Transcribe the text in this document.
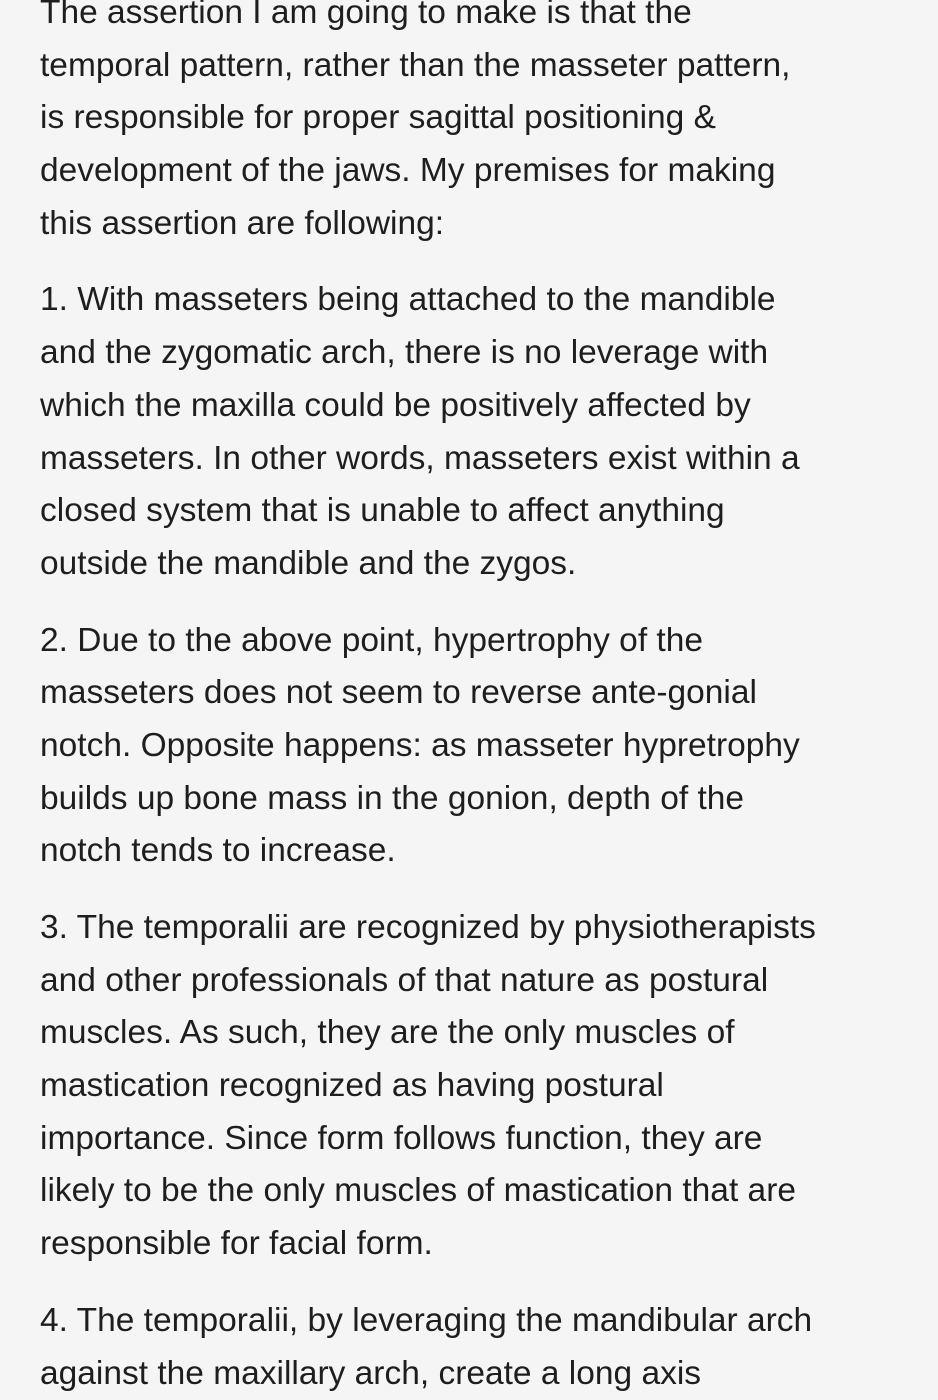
The assertion I am going to make is that the
temporal pattern, rather than the masseter pattern,
is responsible for proper sagittal positioning &
development of the jaws. My premises for making
this assertion are following:

1. With masseters being attached to the mandible
and the zygomatic arch, there is no leverage with
which the maxilla could be positively affected by
masseters. In other words, masseters exist within a
closed system that is unable to affect anything
outside the mandible and the zygos.

2. Due to the above point, hypertrophy of the
masseters does not seem to reverse ante-gonial
notch. Opposite happens: as masseter hypretrophy
builds up bone mass in the gonion, depth of the
notch tends to increase.

3. The temporalii are recognized by physiotherapists
and other professionals of that nature as postural
muscles. As such, they are the only muscles of
mastication recognized as having postural
importance. Since form follows function, they are
likely to be the only muscles of mastication that are
responsible for facial form.

4. The temporalii, by leveraging the mandibular arch
against the maxillary arch, create a long axis
